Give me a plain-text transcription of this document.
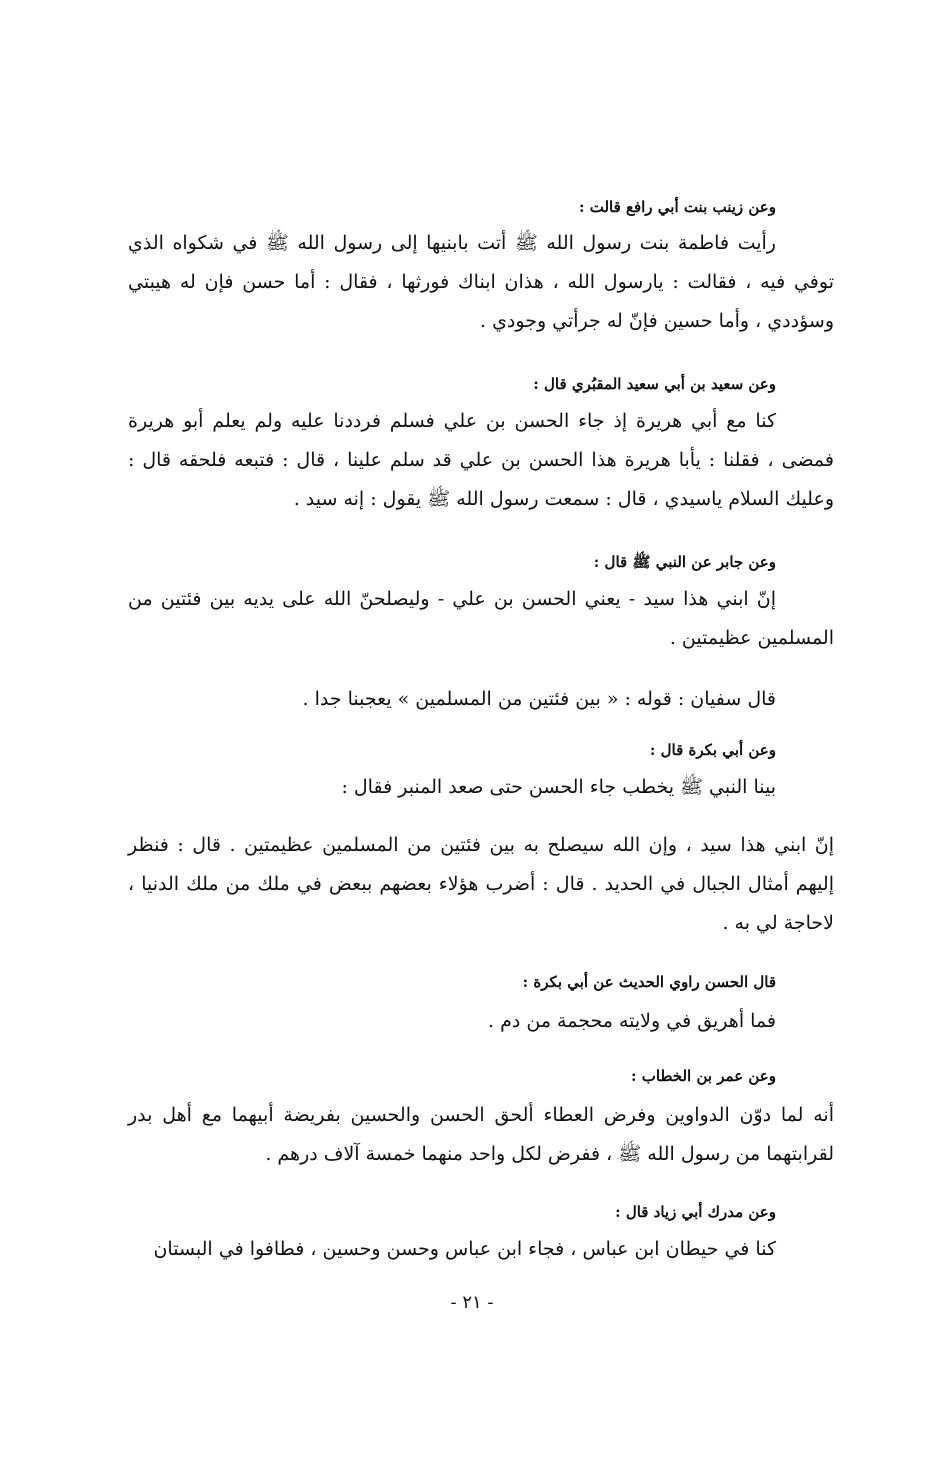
وعن زينب بنت أبي رافع قالت :
رأيت فاطمة بنت رسول الله ﷺ أتت بابنيها إلى رسول الله ﷺ في شكواه الذي توفي فيه ، فقالت : يارسول الله ، هذان ابناك فورثها ، فقال : أما حسن فإن له هيبتي وسؤددي ، وأما حسين فإنّ له جرأتي وجودي .
وعن سعيد بن أبي سعيد المقبُري قال :
كنا مع أبي هريرة إذ جاء الحسن بن علي فسلم فرددنا عليه ولم يعلم أبو هريرة فمضى ، فقلنا : يأبا هريرة هذا الحسن بن علي قد سلم علينا ، قال : فتبعه فلحقه قال : وعليك السلام ياسيدي ، قال : سمعت رسول الله ﷺ يقول : إنه سيد .
وعن جابر عن النبي ﷺ قال :
إنّ ابني هذا سيد - يعني الحسن بن علي - وليصلحنّ الله على يديه بين فئتين من المسلمين عظيمتين .
قال سفيان : قوله : « بين فئتين من المسلمين » يعجبنا جدا .
وعن أبي بكرة قال :
بينا النبي ﷺ يخطب جاء الحسن حتى صعد المنبر فقال :
إنّ ابني هذا سيد ، وإن الله سيصلح به بين فئتين من المسلمين عظيمتين . قال : فنظر إليهم أمثال الجبال في الحديد . قال : أضرب هؤلاء بعضهم ببعض في ملك من ملك الدنيا ، لاحاجة لي به .
قال الحسن راوي الحديث عن أبي بكرة :
فما أهريق في ولايته محجمة من دم .
وعن عمر بن الخطاب :
أنه لما دوّن الدواوين وفرض العطاء ألحق الحسن والحسين بفريضة أبيهما مع أهل بدر لقرابتهما من رسول الله ﷺ ، ففرض لكل واحد منهما خمسة آلاف درهم .
وعن مدرك أبي زياد قال :
كنا في حيطان ابن عباس ، فجاء ابن عباس وحسن وحسين ، فطافوا في البستان
- ٢١ -
